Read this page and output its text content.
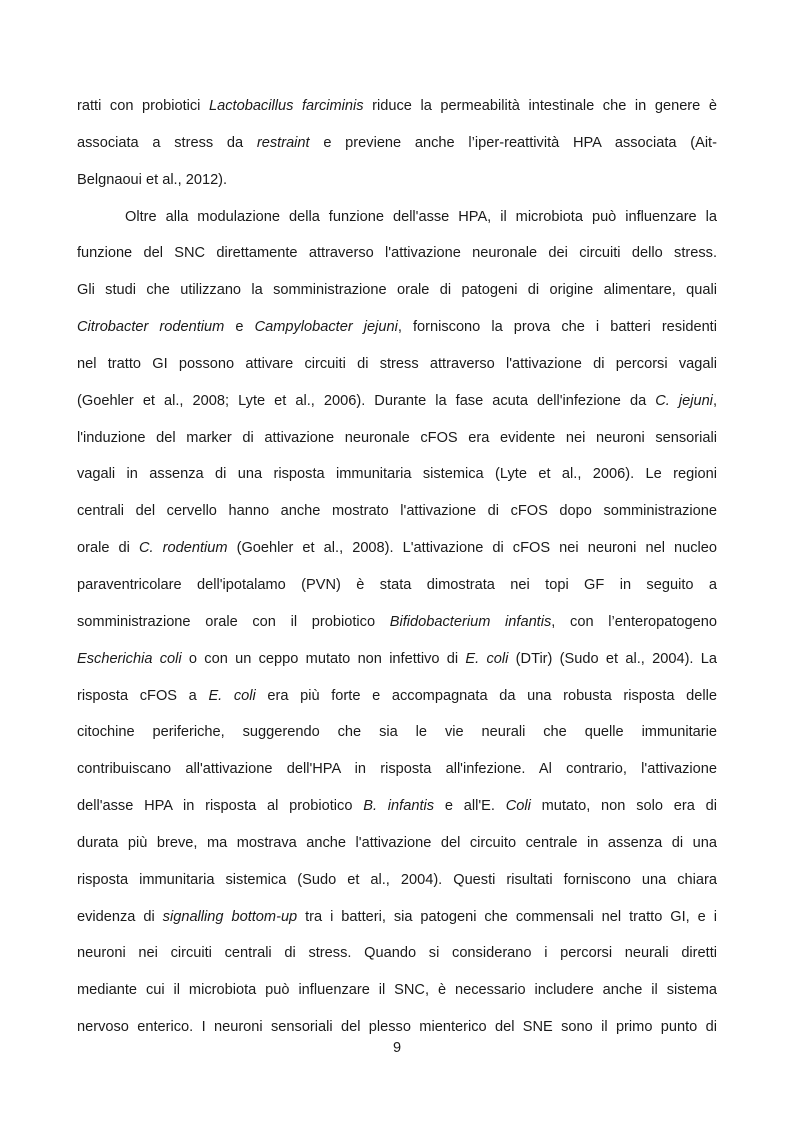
ratti con probiotici Lactobacillus farciminis riduce la permeabilità intestinale che in genere è
associata a stress da restraint e previene anche l’iper-reattività HPA associata (Ait-
Belgnaoui et al., 2012).
Oltre alla modulazione della funzione dell'asse HPA, il microbiota può influenzare la
funzione del SNC direttamente attraverso l'attivazione neuronale dei circuiti dello stress.
Gli studi che utilizzano la somministrazione orale di patogeni di origine alimentare, quali
Citrobacter rodentium e Campylobacter jejuni, forniscono la prova che i batteri residenti
nel tratto GI possono attivare circuiti di stress attraverso l'attivazione di percorsi vagali
(Goehler et al., 2008; Lyte et al., 2006). Durante la fase acuta dell'infezione da C. jejuni,
l'induzione del marker di attivazione neuronale cFOS era evidente nei neuroni sensoriali
vagali in assenza di una risposta immunitaria sistemica (Lyte et al., 2006). Le regioni
centrali del cervello hanno anche mostrato l'attivazione di cFOS dopo somministrazione
orale di C. rodentium (Goehler et al., 2008). L'attivazione di cFOS nei neuroni nel nucleo
paraventricolare dell'ipotalamo (PVN) è stata dimostrata nei topi GF in seguito a
somministrazione orale con il probiotico Bifidobacterium infantis, con l’enteropatogeno
Escherichia coli o con un ceppo mutato non infettivo di E. coli (DTir) (Sudo et al., 2004). La
risposta cFOS a E. coli era più forte e accompagnata da una robusta risposta delle
citochine periferiche, suggerendo che sia le vie neurali che quelle immunitarie
contribuiscano all'attivazione dell'HPA in risposta all'infezione. Al contrario, l'attivazione
dell'asse HPA in risposta al probiotico B. infantis e all'E. Coli mutato, non solo era di
durata più breve, ma mostrava anche l'attivazione del circuito centrale in assenza di una
risposta immunitaria sistemica (Sudo et al., 2004). Questi risultati forniscono una chiara
evidenza di signalling bottom-up tra i batteri, sia patogeni che commensali nel tratto GI, e i
neuroni nei circuiti centrali di stress. Quando si considerano i percorsi neurali diretti
mediante cui il microbiota può influenzare il SNC, è necessario includere anche il sistema
nervoso enterico. I neuroni sensoriali del plesso mienterico del SNE sono il primo punto di
9
